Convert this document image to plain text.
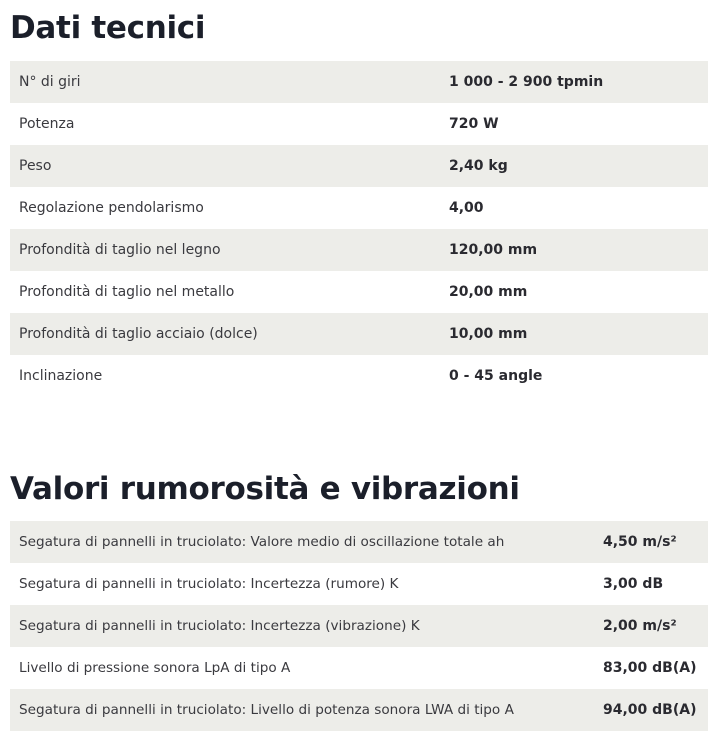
Dati tecnici
N° di giri	1 000 - 2 900 tpmin
Potenza	720 W
Peso	2,40 kg
Regolazione pendolarismo	4,00
Profondità di taglio nel legno	120,00 mm
Profondità di taglio nel metallo	20,00 mm
Profondità di taglio acciaio (dolce)	10,00 mm
Inclinazione	0 - 45 angle
Valori rumorosità e vibrazioni
Segatura di pannelli in truciolato: Valore medio di oscillazione totale ah	4,50 m/s²
Segatura di pannelli in truciolato: Incertezza (rumore) K	3,00 dB
Segatura di pannelli in truciolato: Incertezza (vibrazione) K	2,00 m/s²
Livello di pressione sonora LpA di tipo A	83,00 dB(A)
Segatura di pannelli in truciolato: Livello di potenza sonora LWA di tipo A	94,00 dB(A)
